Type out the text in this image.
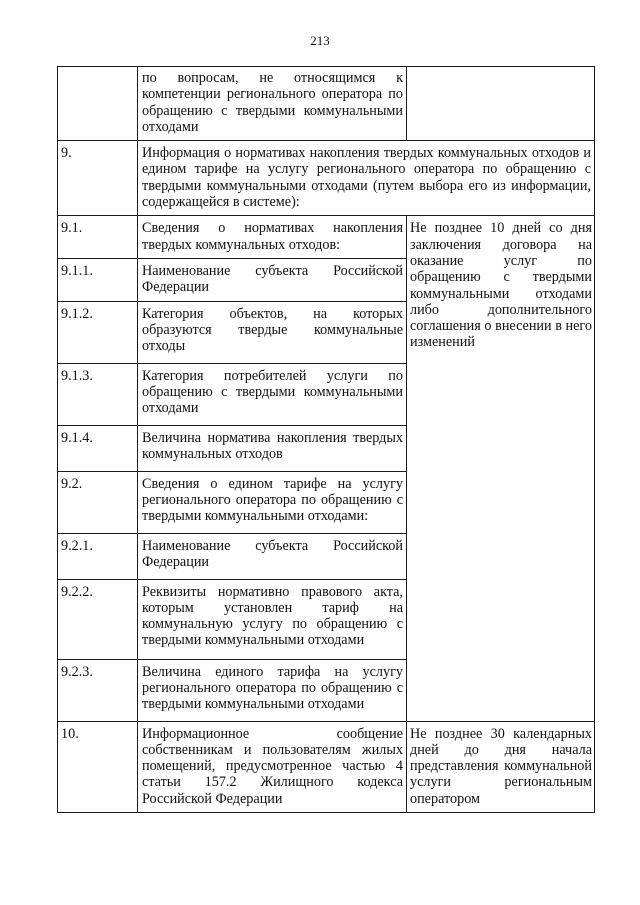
213
	по вопросам, не относящимся к компетенции регионального оператора по обращению с твердыми коммунальными отходами	
9.	Информация о нормативах накопления твердых коммунальных отходов и едином тарифе на услугу регионального оператора по обращению с твердыми коммунальными отходами (путем выбора его из информации, содержащейся в системе):	
9.1.	Сведения о нормативах накопления твердых коммунальных отходов:	Не позднее 10 дней со дня заключения договора на оказание услуг по обращению с твердыми коммунальными отходами либо дополнительного соглашения о внесении в него изменений
9.1.1.	Наименование субъекта Российской Федерации	
9.1.2.	Категория объектов, на которых образуются твердые коммунальные отходы	
9.1.3.	Категория потребителей услуги по обращению с твердыми коммунальными отходами	
9.1.4.	Величина норматива накопления твердых коммунальных отходов	
9.2.	Сведения о едином тарифе на услугу регионального оператора по обращению с твердыми коммунальными отходами:	
9.2.1.	Наименование субъекта Российской Федерации	
9.2.2.	Реквизиты нормативно правового акта, которым установлен тариф на коммунальную услугу по обращению с твердыми коммунальными отходами	
9.2.3.	Величина единого тарифа на услугу регионального оператора по обращению с твердыми коммунальными отходами	
10.	Информационное сообщение собственникам и пользователям жилых помещений, предусмотренное частью 4 статьи 157.2 Жилищного кодекса Российской Федерации	Не позднее 30 календарных дней до дня начала представления коммунальной услуги региональным оператором
